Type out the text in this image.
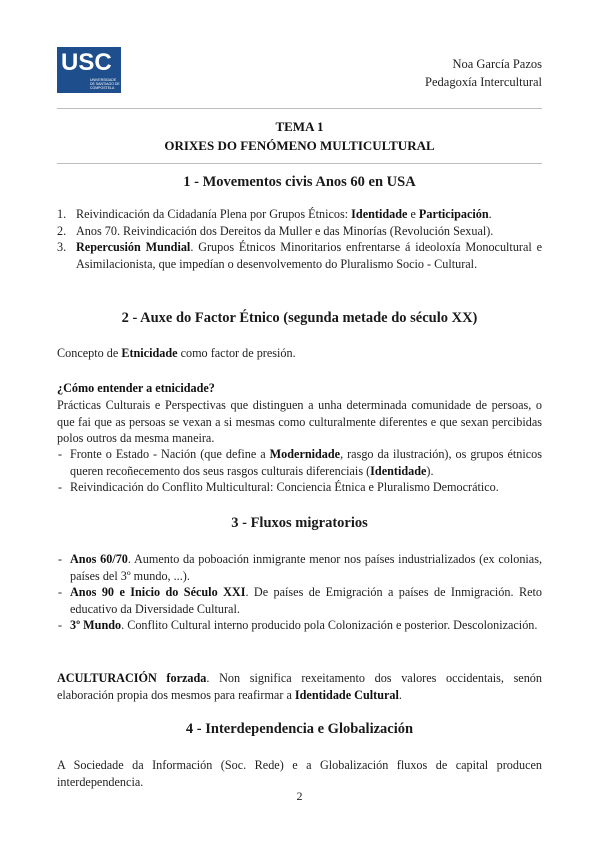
USC
UNIVERSIDADE DE SANTIAGO DE COMPOSTELA
Noa García Pazos
Pedagoxía Intercultural
TEMA 1
ORIXES DO FENÓMENO MULTICULTURAL
1 - Movementos civis Anos 60 en USA
1. Reivindicación da Cidadanía Plena por Grupos Étnicos: Identidade e Participación.
2. Anos 70. Reivindicación dos Dereitos da Muller e das Minorías (Revolución Sexual).
3. Repercusión Mundial. Grupos Étnicos Minoritarios enfrentarse á ideoloxía Monocultural e Asimilacionista, que impedían o desenvolvemento do Pluralismo Socio - Cultural.
2 - Auxe do Factor Étnico (segunda metade do século XX)
Concepto de Etnicidade como factor de presión.
¿Cómo entender a etnicidade?
Prácticas Culturais e Perspectivas que distinguen a unha determinada comunidade de persoas, o que fai que as persoas se vexan a si mesmas como culturalmente diferentes e que sexan percibidas polos outros da mesma maneira.
- Fronte o Estado - Nación (que define a Modernidade, rasgo da ilustración), os grupos étnicos queren recoñecemento dos seus rasgos culturais diferenciais (Identidade).
- Reivindicación do Conflito Multicultural: Conciencia Étnica e Pluralismo Democrático.
3 - Fluxos migratorios
- Anos 60/70. Aumento da poboación inmigrante menor nos países industrializados (ex colonias, países del 3º mundo, ...).
- Anos 90 e Inicio do Século XXI. De países de Emigración a países de Inmigración. Reto educativo da Diversidade Cultural.
- 3º Mundo. Conflito Cultural interno producido pola Colonización e posterior. Descolonización.
ACULTURACIÓN forzada. Non significa rexeitamento dos valores occidentais, senón elaboración propia dos mesmos para reafirmar a Identidade Cultural.
4 - Interdependencia e Globalización
A Sociedade da Información (Soc. Rede) e a Globalización fluxos de capital producen interdependencia.
2
